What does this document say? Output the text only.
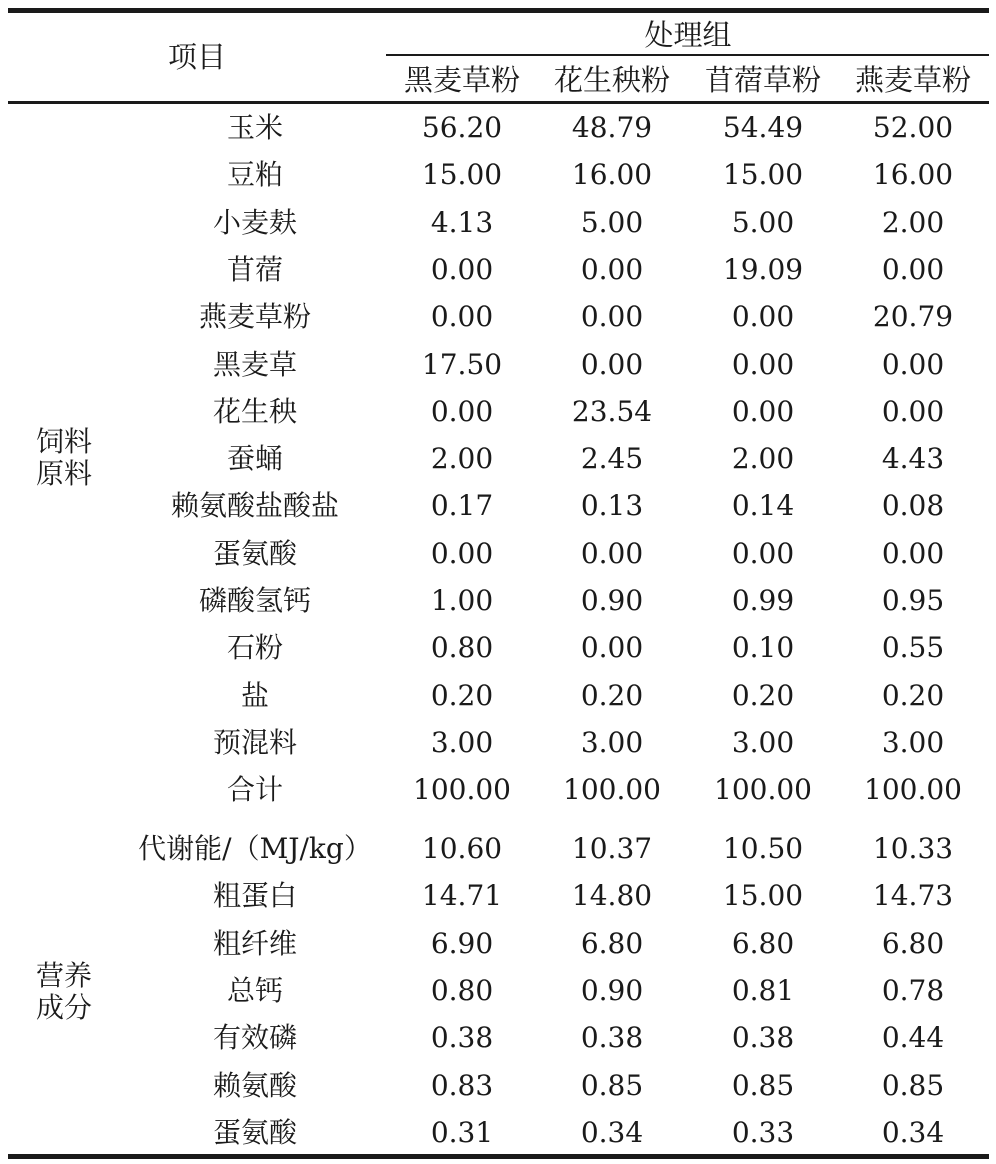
项目
处理组
黑麦草粉 花生秧粉 苜蓿草粉 燕麦草粉
饲料
原料
玉米	56.20 48.79	54.49 52.00
豆粕	15.00 16.00	15.00 16.00
小麦麸	4.13	5.00	5.00	2.00
苜蓿	0.00	0.00	19.09	0.00
燕麦草粉	0.00	0.00	0.00	20.79
黑麦草	17.50	0.00	0.00	0.00
花生秧	0.00	23.54	0.00	0.00
蚕蛹	2.00	2.45	2.00	4.43
赖氨酸盐酸盐	0.17	0.13	0.14	0.08
蛋氨酸	0.00	0.00	0.00	0.00
磷酸氢钙	1.00	0.90	0.99	0.95
石粉	0.80	0.00	0.10	0.55
盐	0.20	0.20	0.20	0.20
预混料	3.00	3.00	3.00	3.00
合计	100.00 100.00 100.00 100.00
营养
成分
代谢能/（MJ/kg） 10.60 10.37	10.50 10.33
粗蛋白	14.71 14.80	15.00 14.73
粗纤维	6.90	6.80	6.80	6.80
总钙	0.80	0.90	0.81	0.78
有效磷	0.38	0.38	0.38	0.44
赖氨酸	0.83	0.85	0.85	0.85
蛋氨酸	0.31	0.34	0.33	0.34
